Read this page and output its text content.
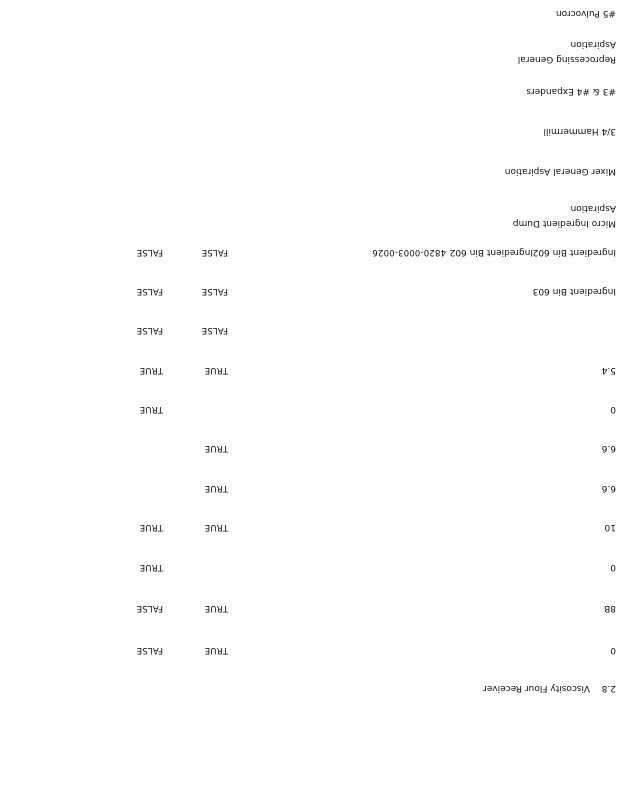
2.8
Viscosity Flour Receiver
0
TRUE
FALSE
8B
TRUE
FALSE
0
TRUE
10
TRUE
TRUE
6.6
TRUE
6.6
TRUE
0
TRUE
5.4
TRUE
TRUE
FALSE
FALSE
Ingredient Bin 603
FALSE
FALSE
Ingredient Bin 602
Ingredient Bin 602
4820-0003-0026
FALSE
FALSE
Micro Ingredient Dump
Aspiration
Mixer General Aspiration
3/4 Hammermill
#3 & #4 Expanders
Reprocessing General
Aspiration
#5 Pulvocron
